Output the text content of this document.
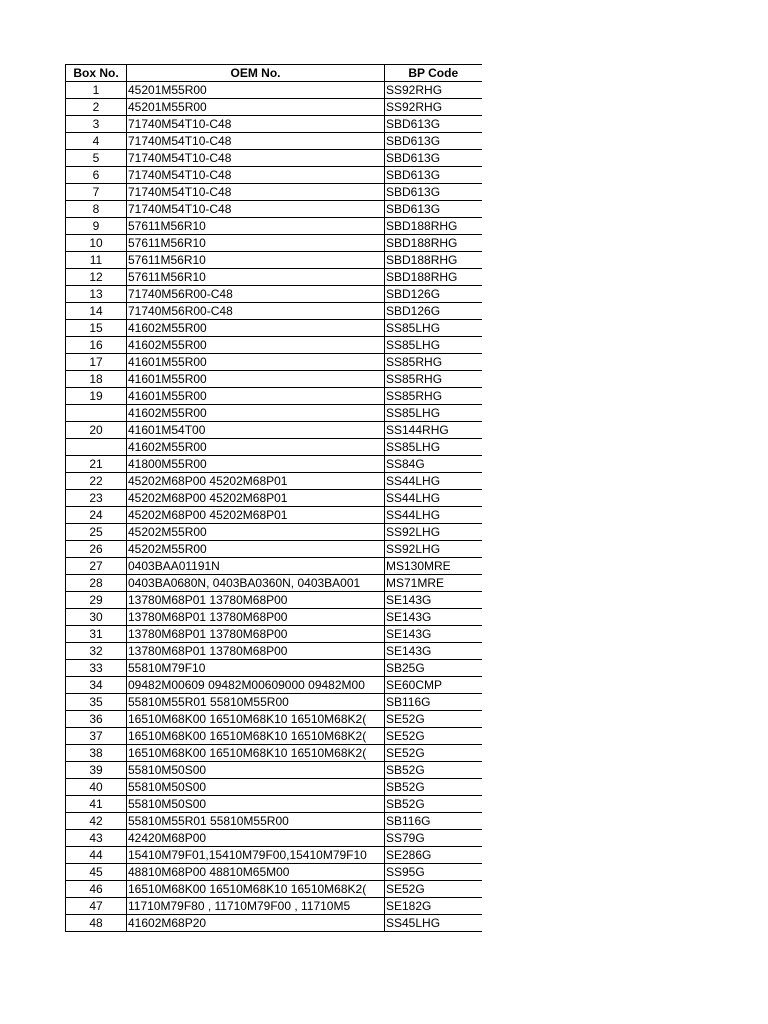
Box No.	OEM No.	BP Code
1	45201M55R00	SS92RHG
2	45201M55R00	SS92RHG
3	71740M54T10-C48	SBD613G
4	71740M54T10-C48	SBD613G
5	71740M54T10-C48	SBD613G
6	71740M54T10-C48	SBD613G
7	71740M54T10-C48	SBD613G
8	71740M54T10-C48	SBD613G
9	57611M56R10	SBD188RHG
10	57611M56R10	SBD188RHG
11	57611M56R10	SBD188RHG
12	57611M56R10	SBD188RHG
13	71740M56R00-C48	SBD126G
14	71740M56R00-C48	SBD126G
15	41602M55R00	SS85LHG
16	41602M55R00	SS85LHG
17	41601M55R00	SS85RHG
18	41601M55R00	SS85RHG
19	41601M55R00	SS85RHG
	41602M55R00	SS85LHG
20	41601M54T00	SS144RHG
	41602M55R00	SS85LHG
21	41800M55R00	SS84G
22	45202M68P00 45202M68P01	SS44LHG
23	45202M68P00 45202M68P01	SS44LHG
24	45202M68P00 45202M68P01	SS44LHG
25	45202M55R00	SS92LHG
26	45202M55R00	SS92LHG
27	0403BAA01191N	MS130MRE
28	0403BA0680N, 0403BA0360N, 0403BA001	MS71MRE
29	13780M68P01 13780M68P00	SE143G
30	13780M68P01 13780M68P00	SE143G
31	13780M68P01 13780M68P00	SE143G
32	13780M68P01 13780M68P00	SE143G
33	55810M79F10	SB25G
34	09482M00609 09482M00609000 09482M00	SE60CMP
35	55810M55R01 55810M55R00	SB116G
36	16510M68K00 16510M68K10 16510M68K2(	SE52G
37	16510M68K00 16510M68K10 16510M68K2(	SE52G
38	16510M68K00 16510M68K10 16510M68K2(	SE52G
39	55810M50S00	SB52G
40	55810M50S00	SB52G
41	55810M50S00	SB52G
42	55810M55R01 55810M55R00	SB116G
43	42420M68P00	SS79G
44	15410M79F01,15410M79F00,15410M79F10	SE286G
45	48810M68P00 48810M65M00	SS95G
46	16510M68K00 16510M68K10 16510M68K2(	SE52G
47	11710M79F80 , 11710M79F00 , 11710M5	SE182G
48	41602M68P20	SS45LHG
